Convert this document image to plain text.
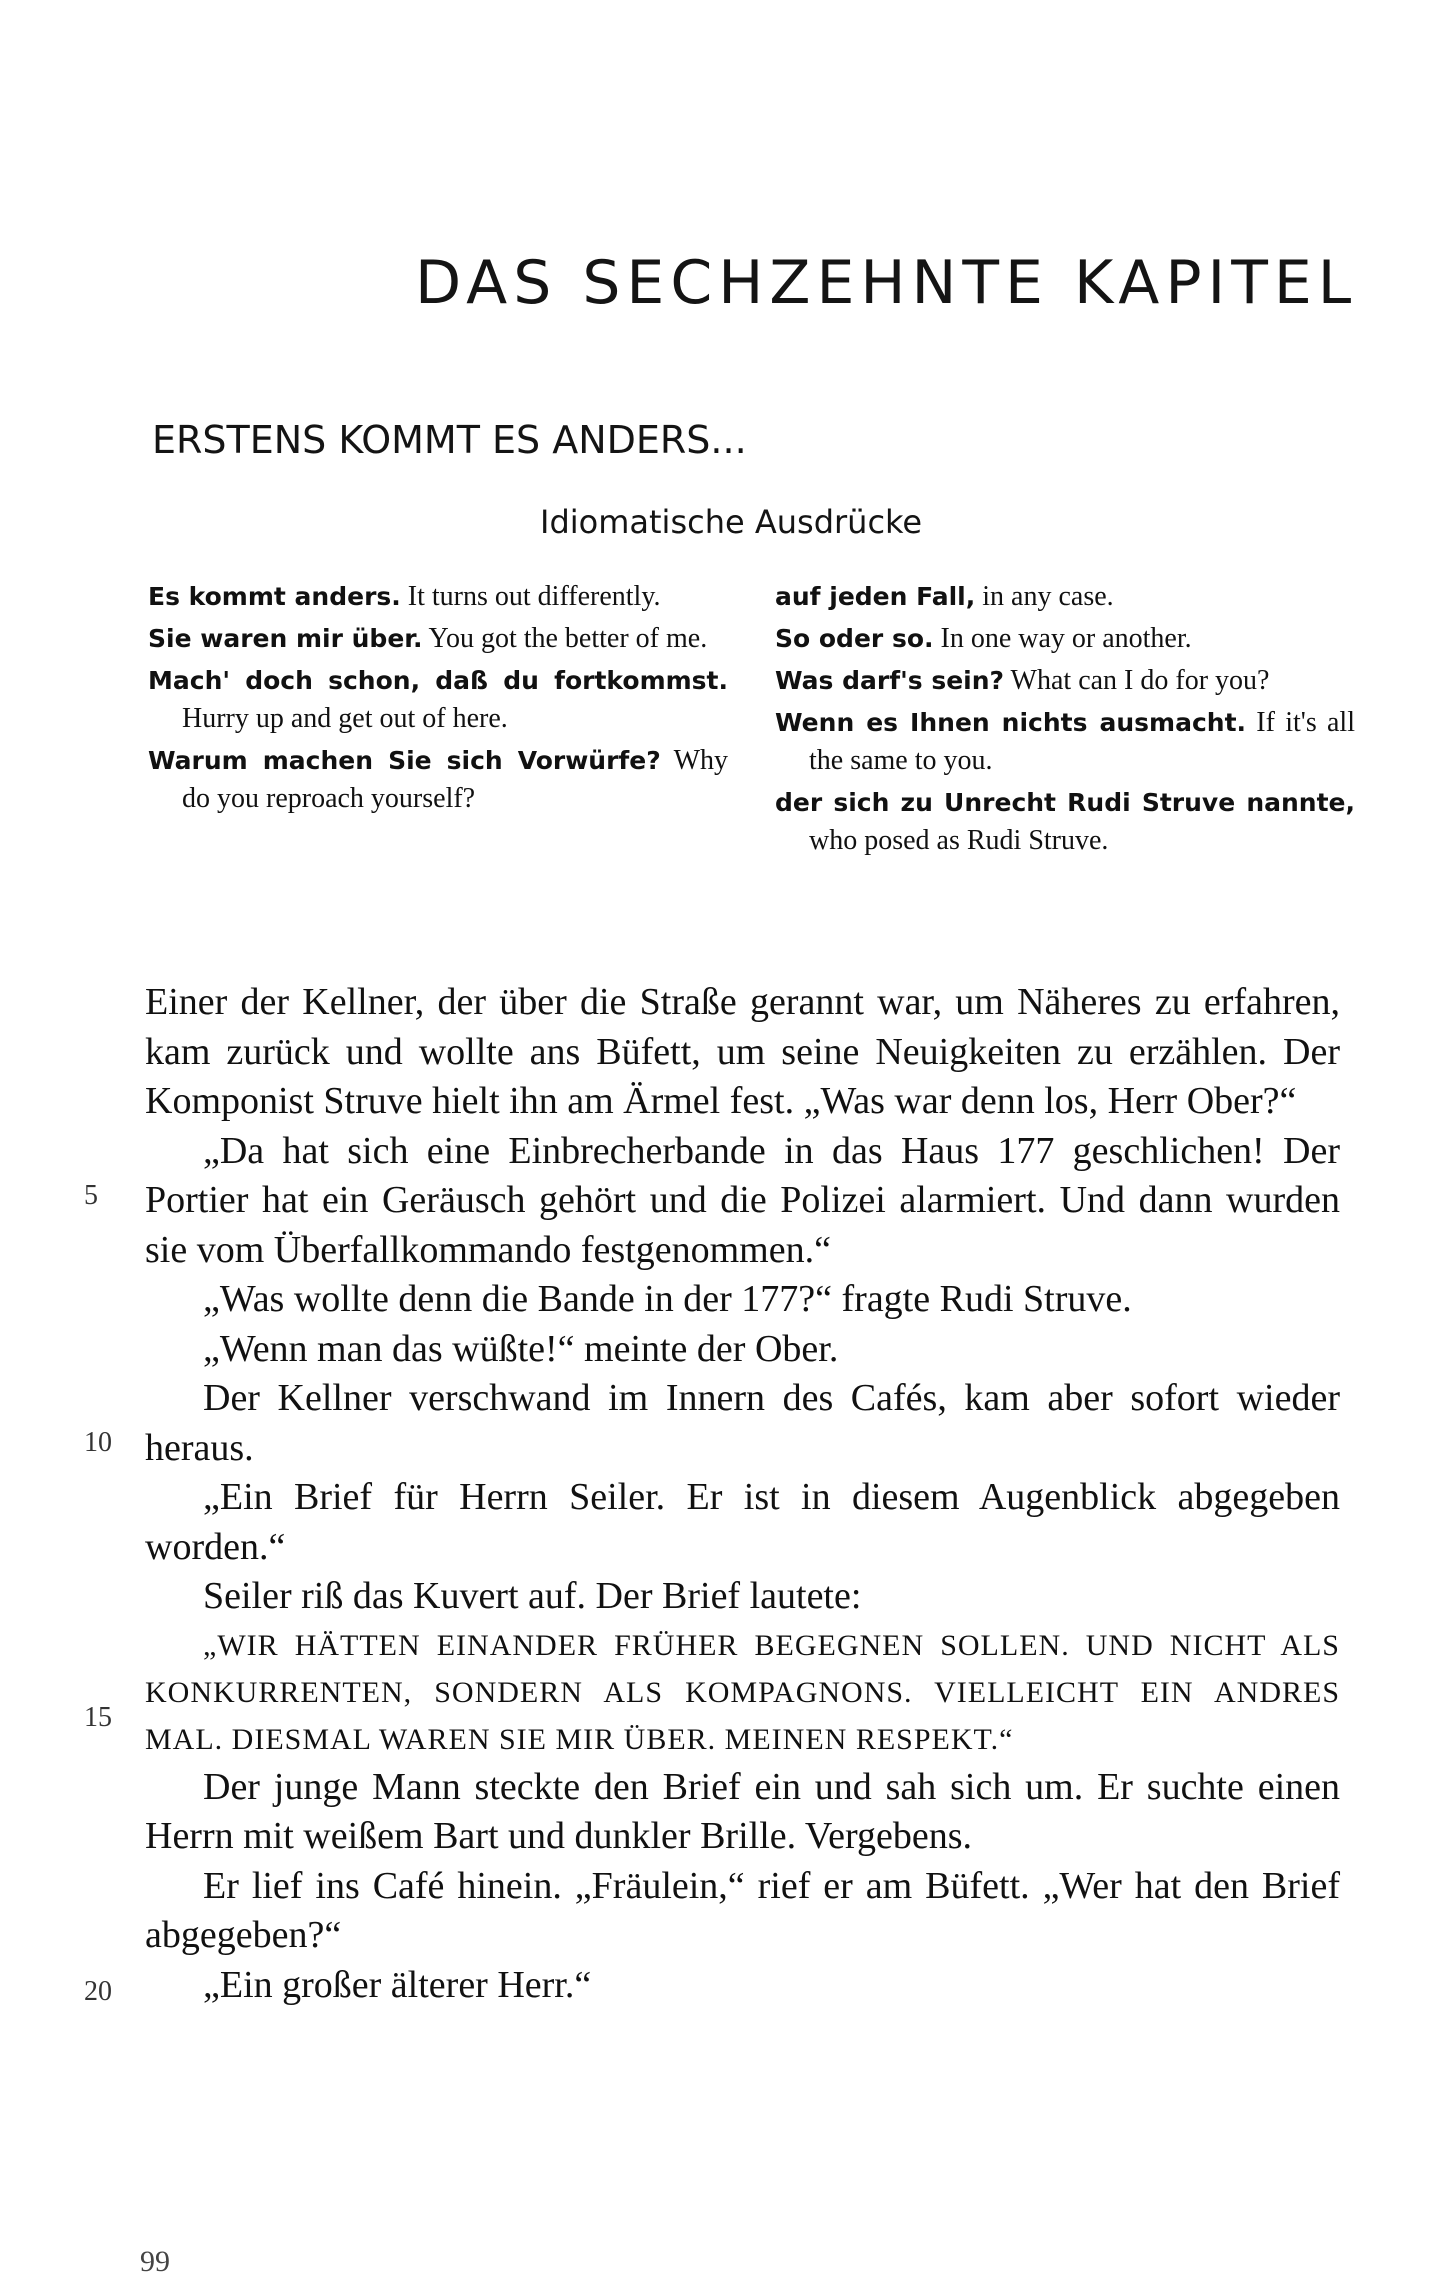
DAS SECHZEHNTE KAPITEL
ERSTENS KOMMT ES ANDERS...
Idiomatische Ausdrücke
Es kommt anders. It turns out differently.
Sie waren mir über. You got the better of me.
Mach' doch schon, daß du fortkommst. Hurry up and get out of here.
Warum machen Sie sich Vorwürfe? Why do you reproach yourself?
auf jeden Fall, in any case.
So oder so. In one way or another.
Was darf's sein? What can I do for you?
Wenn es Ihnen nichts ausmacht. If it's all the same to you.
der sich zu Unrecht Rudi Struve nannte, who posed as Rudi Struve.

Einer der Kellner, der über die Straße gerannt war, um Näheres zu erfahren, kam zurück und wollte ans Büfett, um seine Neuigkeiten zu erzählen. Der Komponist Struve hielt ihn am Ärmel fest. „Was war denn los, Herr Ober?“

„Da hat sich eine Einbrecherbande in das Haus 177 geschlichen! Der Portier hat ein Geräusch gehört und die Polizei alarmiert. Und dann wurden sie vom Überfallkommando festgenommen.“

„Was wollte denn die Bande in der 177?“ fragte Rudi Struve.

„Wenn man das wüßte!“ meinte der Ober.

Der Kellner verschwand im Innern des Cafés, kam aber sofort wieder heraus.

„Ein Brief für Herrn Seiler. Er ist in diesem Augenblick abgegeben worden.“

Seiler riß das Kuvert auf. Der Brief lautete:

„WIR HÄTTEN EINANDER FRÜHER BEGEGNEN SOLLEN. UND NICHT ALS KONKURRENTEN, SONDERN ALS KOMPAGNONS. VIELLEICHT EIN ANDRES MAL. DIESMAL WAREN SIE MIR ÜBER. MEINEN RESPEKT.“

Der junge Mann steckte den Brief ein und sah sich um. Er suchte einen Herrn mit weißem Bart und dunkler Brille. Vergebens.

Er lief ins Café hinein. „Fräulein,“ rief er am Büfett. „Wer hat den Brief abgegeben?“

„Ein großer älterer Herr.“

5
10
15
20
99
